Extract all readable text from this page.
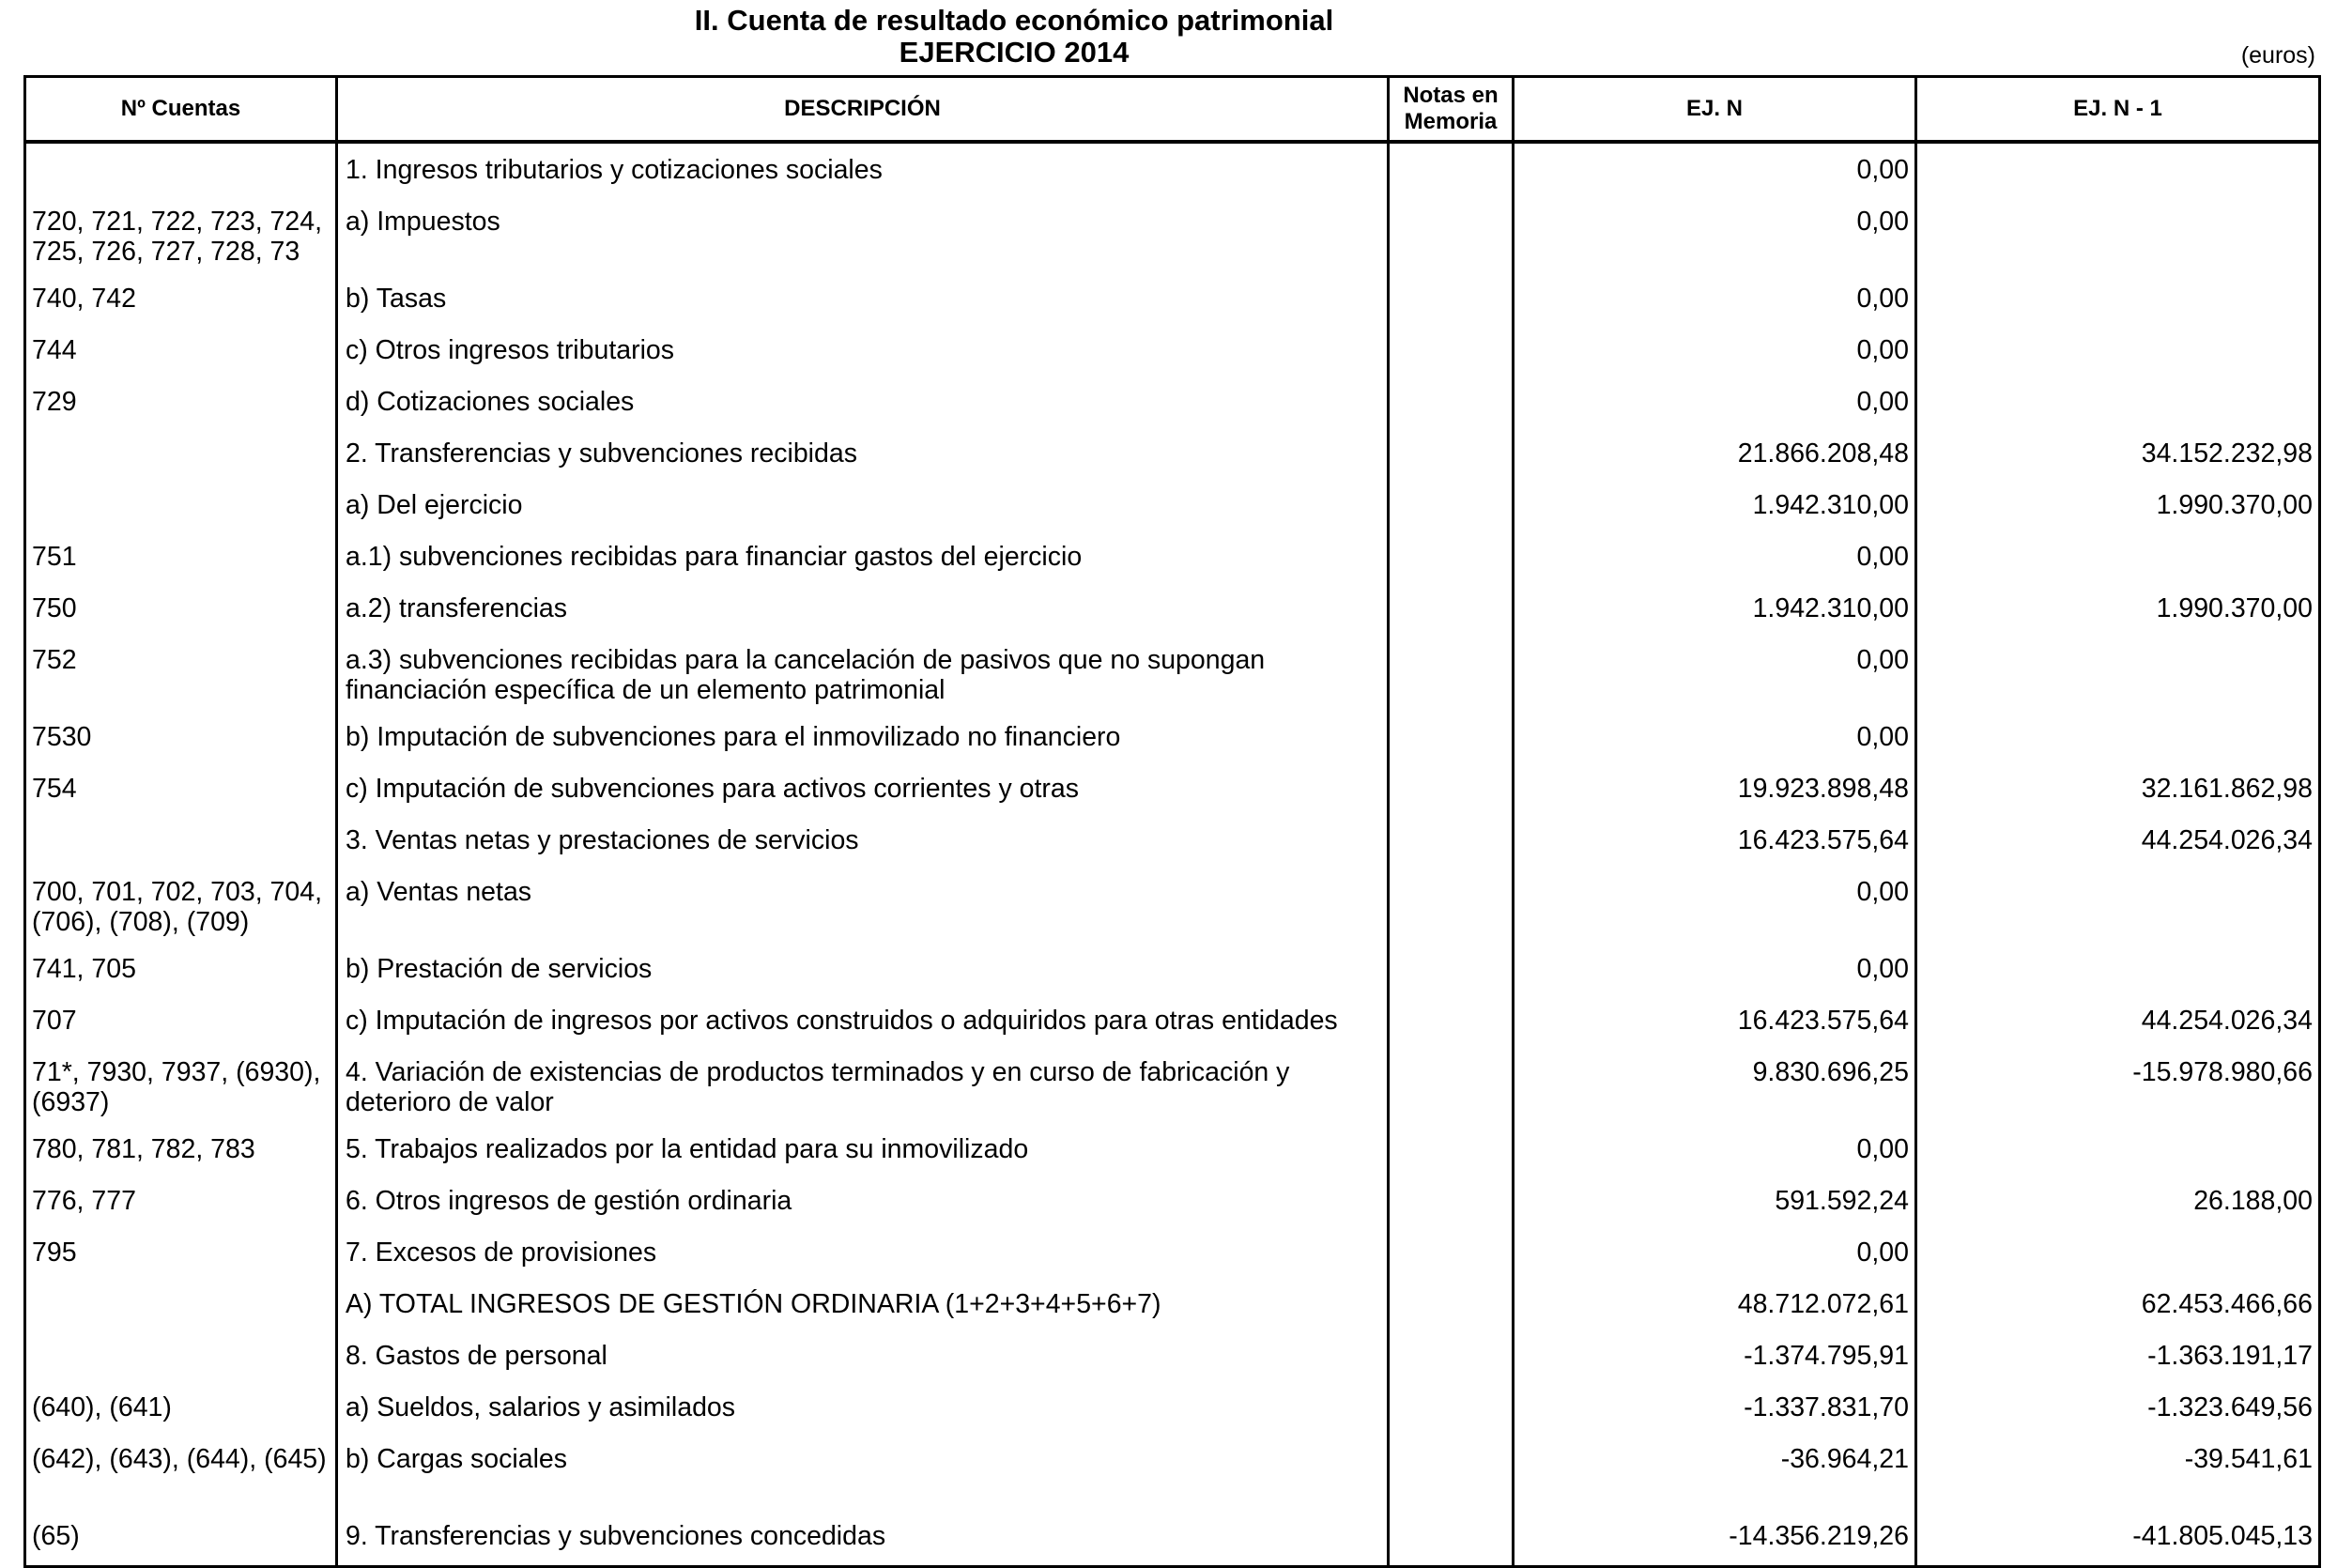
II. Cuenta de resultado económico patrimonial
EJERCICIO 2014	(euros)
Nº Cuentas	DESCRIPCIÓN	Notas en Memoria	EJ. N	EJ. N - 1
	1. Ingresos tributarios y cotizaciones sociales		0,00	
720, 721, 722, 723, 724, 725, 726, 727, 728, 73	a) Impuestos		0,00	
740, 742	b) Tasas		0,00	
744	c) Otros ingresos tributarios		0,00	
729	d) Cotizaciones sociales		0,00	
	2. Transferencias y subvenciones recibidas		21.866.208,48	34.152.232,98
	a) Del ejercicio		1.942.310,00	1.990.370,00
751	a.1) subvenciones recibidas para financiar gastos del ejercicio		0,00	
750	a.2) transferencias		1.942.310,00	1.990.370,00
752	a.3) subvenciones recibidas para la cancelación de pasivos que no supongan financiación específica de un elemento patrimonial		0,00	
7530	b) Imputación de subvenciones para el inmovilizado no financiero		0,00	
754	c) Imputación de subvenciones para activos corrientes y otras		19.923.898,48	32.161.862,98
	3. Ventas netas y prestaciones de servicios		16.423.575,64	44.254.026,34
700, 701, 702, 703, 704, (706), (708), (709)	a) Ventas netas		0,00	
741, 705	b) Prestación de servicios		0,00	
707	c) Imputación de ingresos por activos construidos o adquiridos para otras entidades		16.423.575,64	44.254.026,34
71*, 7930, 7937, (6930), (6937)	4. Variación de existencias de productos terminados y en curso de fabricación y deterioro de valor		9.830.696,25	-15.978.980,66
780, 781, 782, 783	5. Trabajos realizados por la entidad para su inmovilizado		0,00	
776, 777	6. Otros ingresos de gestión ordinaria		591.592,24	26.188,00
795	7. Excesos de provisiones		0,00	
	A) TOTAL INGRESOS DE GESTIÓN ORDINARIA (1+2+3+4+5+6+7)		48.712.072,61	62.453.466,66
	8. Gastos de personal		-1.374.795,91	-1.363.191,17
(640), (641)	a) Sueldos, salarios y asimilados		-1.337.831,70	-1.323.649,56
(642), (643), (644), (645)	b) Cargas sociales		-36.964,21	-39.541,61
(65)	9. Transferencias y subvenciones concedidas		-14.356.219,26	-41.805.045,13
